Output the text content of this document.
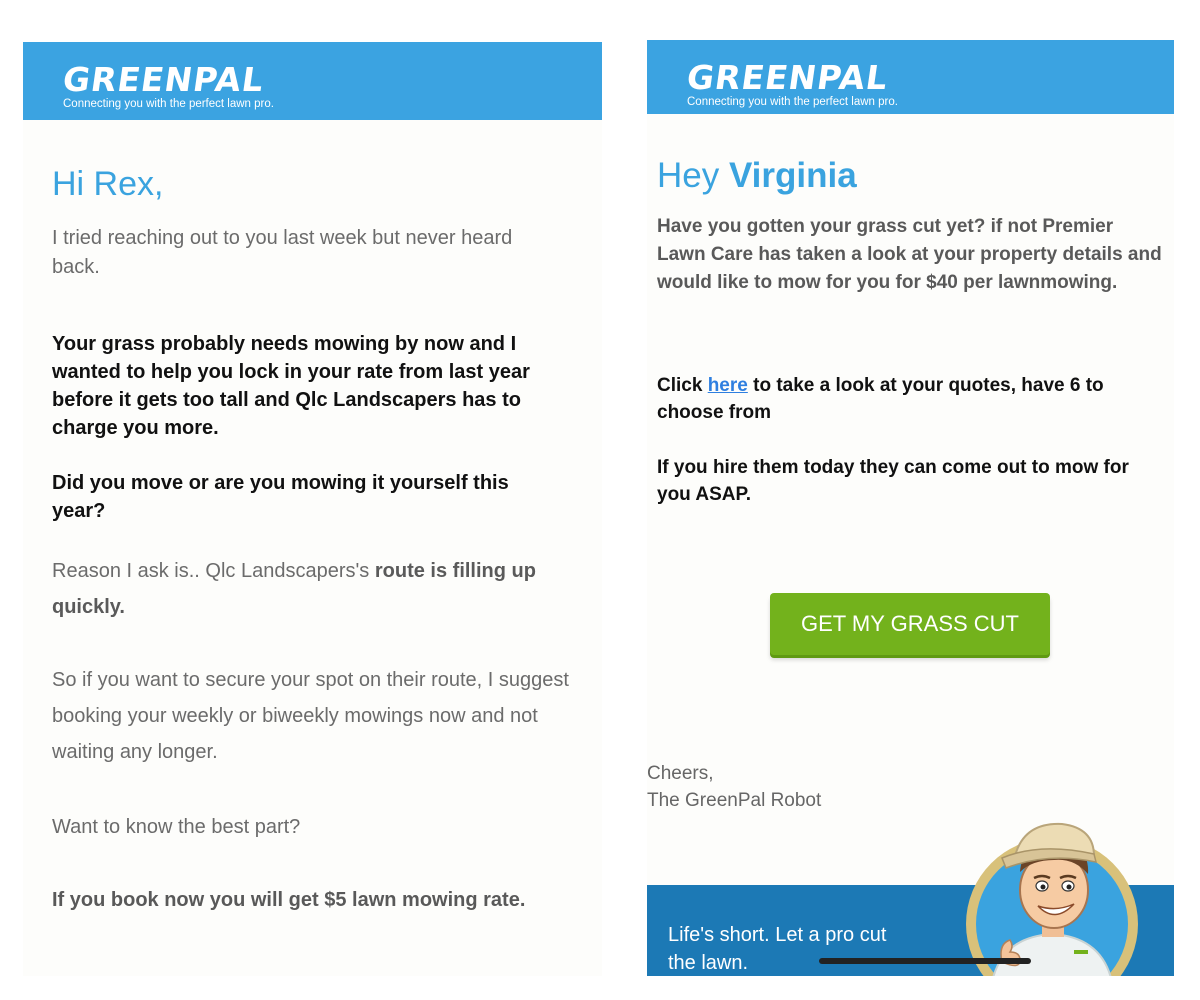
GREENPAL
Connecting you with the perfect lawn pro.
Hi Rex,

I tried reaching out to you last week but never heard back.

Your grass probably needs mowing by now and I wanted to help you lock in your rate from last year before it gets too tall and Qlc Landscapers has to charge you more.

Did you move or are you mowing it yourself this year?

Reason I ask is.. Qlc Landscapers's route is filling up quickly.

So if you want to secure your spot on their route, I suggest booking your weekly or biweekly mowings now and not waiting any longer.

Want to know the best part?

If you book now you will get $5 lawn mowing rate.

GREENPAL
Connecting you with the perfect lawn pro.
Hey Virginia

Have you gotten your grass cut yet? if not Premier Lawn Care has taken a look at your property details and would like to mow for you for $40 per lawnmowing.

Click here to take a look at your quotes, have 6 to choose from

If you hire them today they can come out to mow for you ASAP.

GET MY GRASS CUT

Cheers,
The GreenPal Robot

Life's short. Let a pro cut the lawn.
